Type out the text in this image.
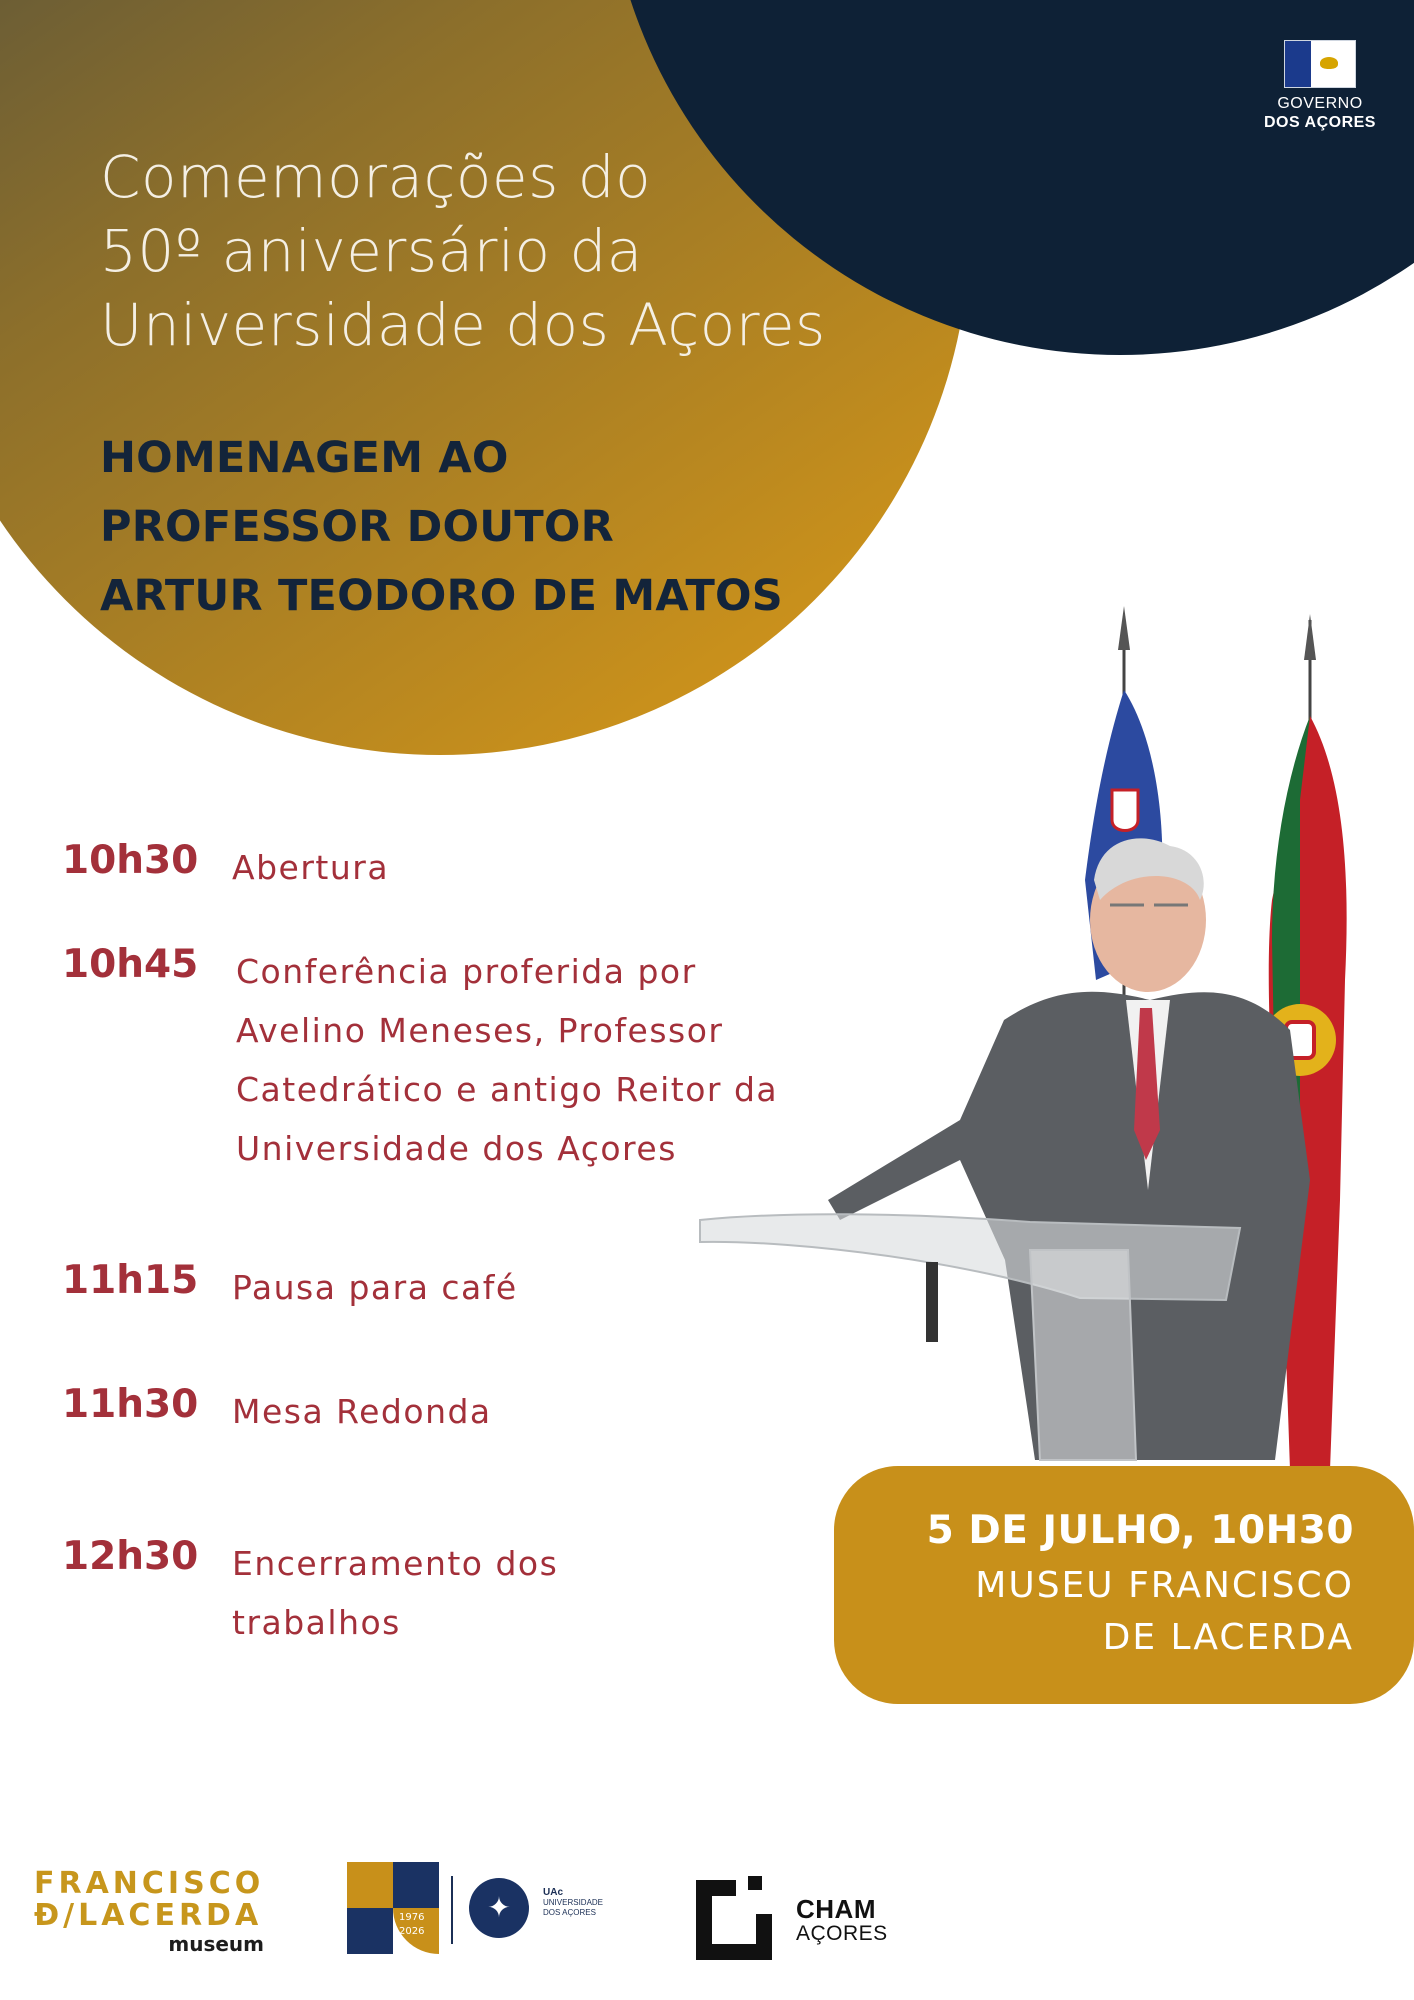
GOVERNO
DOS AÇORES
Comemorações do
50º aniversário da
Universidade dos Açores
HOMENAGEM AO
PROFESSOR DOUTOR
ARTUR TEODORO DE MATOS
10h30 Abertura
10h45 Conferência proferida por Avelino Meneses, Professor Catedrático e antigo Reitor da Universidade dos Açores
11h15 Pausa para café
11h30 Mesa Redonda
12h30 Encerramento dos trabalhos
5 DE JULHO, 10H30
MUSEU FRANCISCO
DE LACERDA
FRANCISCO
Đ/LACERDA
museum
1976
2026
✦	UAc
UNIVERSIDADE
DOS AÇORES	CHAM
AÇORES
